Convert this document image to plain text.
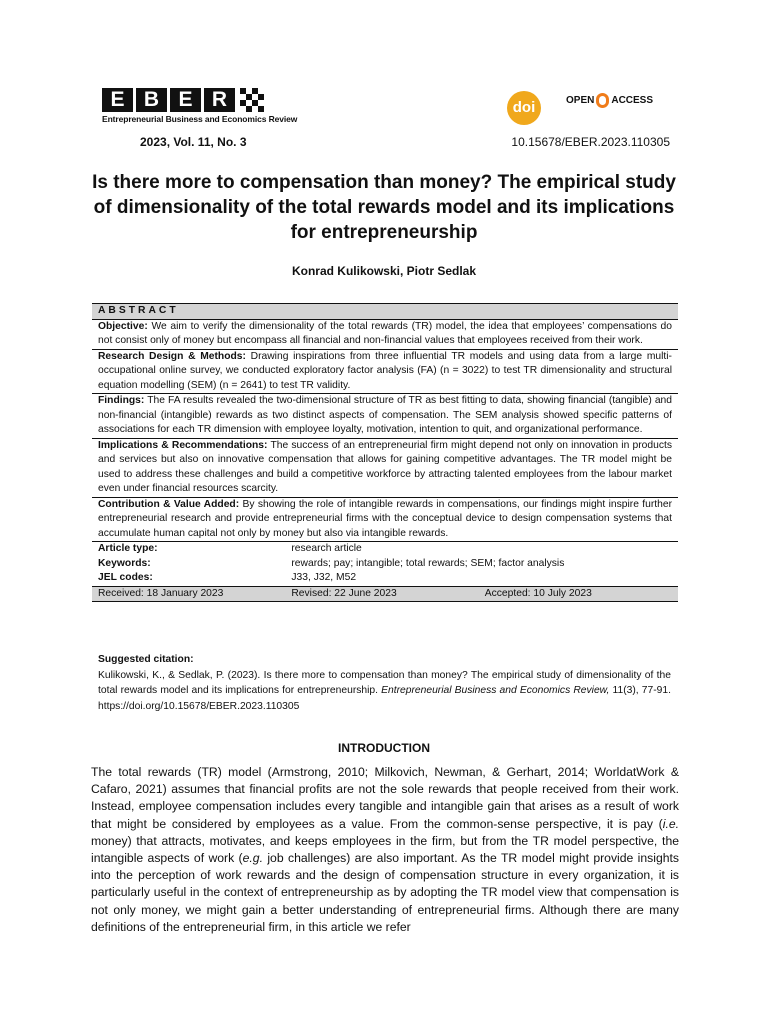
E B E R
Entrepreneurial Business and Economics Review
doi	OPEN ACCESS
2023, Vol. 11, No. 3	10.15678/EBER.2023.110305
Is there more to compensation than money? The empirical study of dimensionality of the total rewards model and its implications for entrepreneurship
Konrad Kulikowski, Piotr Sedlak
ABSTRACT		
Objective: We aim to verify the dimensionality of the total rewards (TR) model, the idea that employees’ compensations do not consist only of money but encompass all financial and non-financial values that employees received from their work.		
Research Design & Methods: Drawing inspirations from three influential TR models and using data from a large multi-occupational online survey, we conducted exploratory factor analysis (FA) (n = 3022) to test TR dimensionality and structural equation modelling (SEM) (n = 2641) to test TR validity.		
Findings: The FA results revealed the two-dimensional structure of TR as best fitting to data, showing financial (tangible) and non-financial (intangible) rewards as two distinct aspects of compensation. The SEM analysis showed specific patterns of associations for each TR dimension with employee loyalty, motivation, intention to quit, and organizational performance.		
Implications & Recommendations: The success of an entrepreneurial firm might depend not only on innovation in products and services but also on innovative compensation that allows for gaining competitive advantages. The TR model might be used to address these challenges and build a competitive workforce by attracting talented employees from the labour market even under financial resources scarcity.		
Contribution & Value Added: By showing the role of intangible rewards in compensations, our findings might inspire further entrepreneurial research and provide entrepreneurial firms with the conceptual device to design compensation systems that accumulate human capital not only by money but also via intangible rewards.		
Article type:	research article	
Keywords:	rewards; pay; intangible; total rewards; SEM; factor analysis	
JEL codes:	J33, J32, M52	
Received: 18 January 2023	Revised: 22 June 2023	Accepted: 10 July 2023
Suggested citation:
Kulikowski, K., & Sedlak, P. (2023). Is there more to compensation than money? The empirical study of dimensionality of the total rewards model and its implications for entrepreneurship. Entrepreneurial Business and Economics Review, 11(3), 77-91. https://doi.org/10.15678/EBER.2023.110305
INTRODUCTION

The total rewards (TR) model (Armstrong, 2010; Milkovich, Newman, & Gerhart, 2014; WorldatWork & Cafaro, 2021) assumes that financial profits are not the sole rewards that people received from their work. Instead, employee compensation includes every tangible and intangible gain that arises as a result of work that might be considered by employees as a value. From the common-sense perspective, it is pay (i.e. money) that attracts, motivates, and keeps employees in the firm, but from the TR model perspective, the intangible aspects of work (e.g. job challenges) are also important. As the TR model might provide insights into the perception of work rewards and the design of compensation structure in every organization, it is particularly useful in the context of entrepreneurship as by adopting the TR model view that compensation is not only money, we might gain a better understanding of entrepreneurial firms. Although there are many definitions of the entrepreneurial firm, in this article we refer
